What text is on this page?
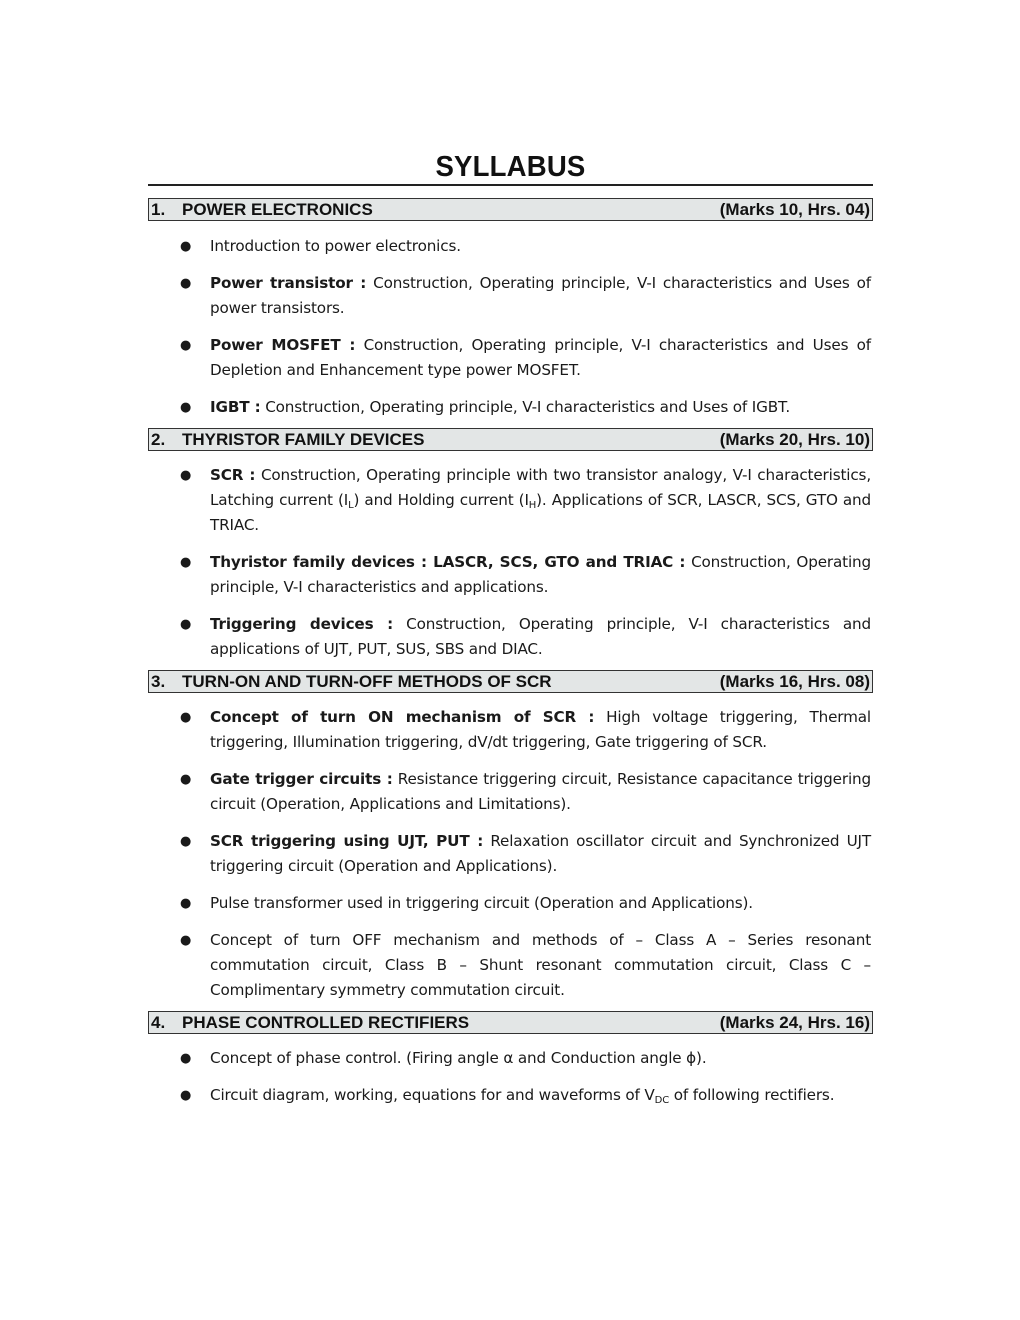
SYLLABUS
1. POWER ELECTRONICS	(Marks 10, Hrs. 04)
● Introduction to power electronics.
● Power transistor : Construction, Operating principle, V-I characteristics and Uses of power transistors.
● Power MOSFET : Construction, Operating principle, V-I characteristics and Uses of Depletion and Enhancement type power MOSFET.
● IGBT : Construction, Operating principle, V-I characteristics and Uses of IGBT.
2. THYRISTOR FAMILY DEVICES	(Marks 20, Hrs. 10)
● SCR : Construction, Operating principle with two transistor analogy, V-I characteristics, Latching current $(I_L)$ and Holding current $(I_H)$. Applications of SCR, LASCR, SCS, GTO and TRIAC.
● Thyristor family devices : LASCR, SCS, GTO and TRIAC : Construction, Operating principle, V-I characteristics and applications.
● Triggering devices : Construction, Operating principle, V-I characteristics and applications of UJT, PUT, SUS, SBS and DIAC.
3. TURN-ON AND TURN-OFF METHODS OF SCR	(Marks 16, Hrs. 08)
● Concept of turn ON mechanism of SCR : High voltage triggering, Thermal triggering, Illumination triggering, dV/dt triggering, Gate triggering of SCR.
● Gate trigger circuits : Resistance triggering circuit, Resistance capacitance triggering circuit (Operation, Applications and Limitations).
● SCR triggering using UJT, PUT : Relaxation oscillator circuit and Synchronized UJT triggering circuit (Operation and Applications).
● Pulse transformer used in triggering circuit (Operation and Applications).
● Concept of turn OFF mechanism and methods of – Class A – Series resonant commutation circuit, Class B – Shunt resonant commutation circuit, Class C – Complimentary symmetry commutation circuit.
4. PHASE CONTROLLED RECTIFIERS	(Marks 24, Hrs. 16)
● Concept of phase control. (Firing angle α and Conduction angle ϕ).
● Circuit diagram, working, equations for and waveforms of $V_{DC}$ of following rectifiers.
